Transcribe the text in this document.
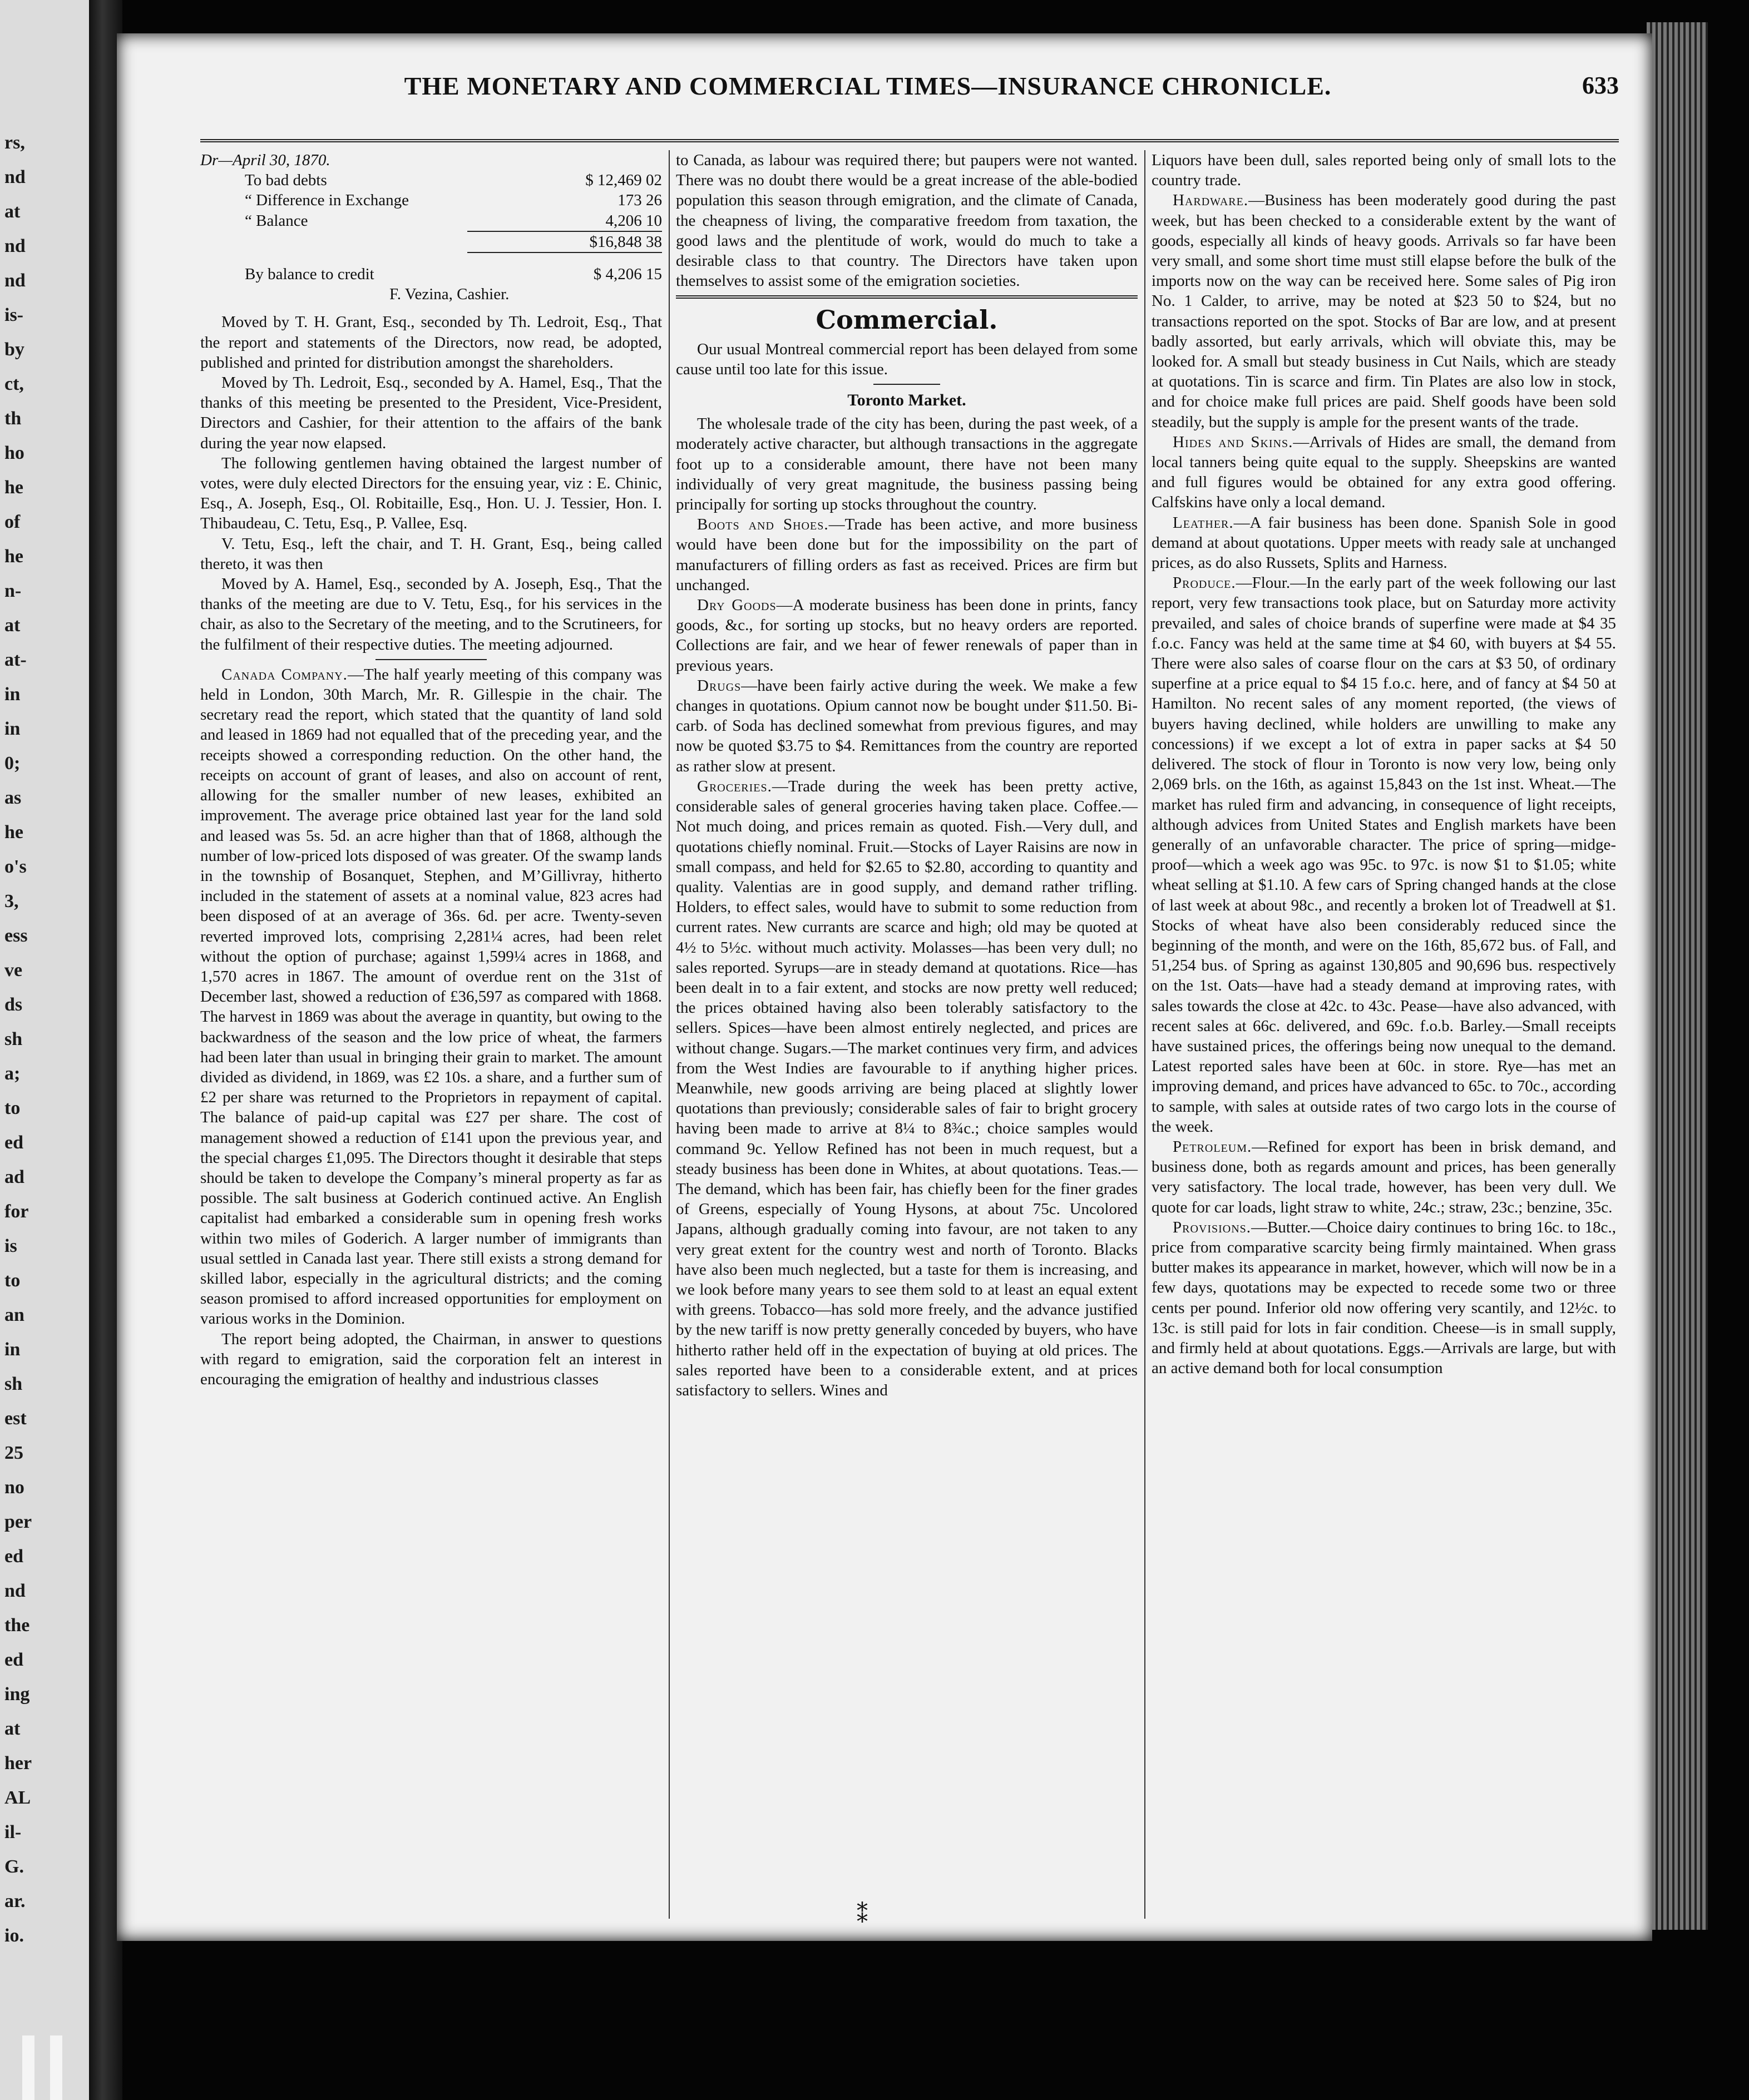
rs,
nd
at
nd
nd
is-
by
ct,
th
ho
he
of
he
n-
at
at-
in
in
0;
as
he
o's
3,
ess
ve
ds
sh
a;
to
ed
ad
for
is
to
an
in
sh
est
25
no
per
ed
nd
the
ed
ing
at
her
AL
il-
G.
ar.
io.
THE MONETARY AND COMMERCIAL TIMES—INSURANCE CHRONICLE.	633

Dr—April 30, 1870.

To bad debts	$ 12,469 02
“ Difference in Exchange	173 26
“ Balance	4,206 10
$16,848 38
By balance to credit	$ 4,206 15

F. Vezina, Cashier.

Moved by T. H. Grant, Esq., seconded by Th. Ledroit, Esq., That the report and statements of the Directors, now read, be adopted, published and printed for distribution amongst the shareholders.

Moved by Th. Ledroit, Esq., seconded by A. Hamel, Esq., That the thanks of this meeting be presented to the President, Vice-President, Directors and Cashier, for their attention to the affairs of the bank during the year now elapsed.

The following gentlemen having obtained the largest number of votes, were duly elected Directors for the ensuing year, viz : E. Chinic, Esq., A. Joseph, Esq., Ol. Robitaille, Esq., Hon. U. J. Tessier, Hon. I. Thibaudeau, C. Tetu, Esq., P. Vallee, Esq.

V. Tetu, Esq., left the chair, and T. H. Grant, Esq., being called thereto, it was then

Moved by A. Hamel, Esq., seconded by A. Joseph, Esq., That the thanks of the meeting are due to V. Tetu, Esq., for his services in the chair, as also to the Secretary of the meeting, and to the Scrutineers, for the fulfilment of their respective duties. The meeting adjourned.

Canada Company.—The half yearly meeting of this company was held in London, 30th March, Mr. R. Gillespie in the chair. The secretary read the report, which stated that the quantity of land sold and leased in 1869 had not equalled that of the preceding year, and the receipts showed a corresponding reduction. On the other hand, the receipts on account of grant of leases, and also on account of rent, allowing for the smaller number of new leases, exhibited an improvement. The average price obtained last year for the land sold and leased was 5s. 5d. an acre higher than that of 1868, although the number of low-priced lots disposed of was greater. Of the swamp lands in the township of Bosanquet, Stephen, and M’Gillivray, hitherto included in the statement of assets at a nominal value, 823 acres had been disposed of at an average of 36s. 6d. per acre. Twenty-seven reverted improved lots, comprising 2,281¼ acres, had been relet without the option of purchase; against 1,599¼ acres in 1868, and 1,570 acres in 1867. The amount of overdue rent on the 31st of December last, showed a reduction of £36,597 as compared with 1868. The harvest in 1869 was about the average in quantity, but owing to the backwardness of the season and the low price of wheat, the farmers had been later than usual in bringing their grain to market. The amount divided as dividend, in 1869, was £2 10s. a share, and a further sum of £2 per share was returned to the Proprietors in repayment of capital. The balance of paid-up capital was £27 per share. The cost of management showed a reduction of £141 upon the previous year, and the special charges £1,095. The Directors thought it desirable that steps should be taken to develope the Company’s mineral property as far as possible. The salt business at Goderich continued active. An English capitalist had embarked a considerable sum in opening fresh works within two miles of Goderich. A larger number of immigrants than usual settled in Canada last year. There still exists a strong demand for skilled labor, especially in the agricultural districts; and the coming season promised to afford increased opportunities for employment on various works in the Dominion.

The report being adopted, the Chairman, in answer to questions with regard to emigration, said the corporation felt an interest in encouraging the emigration of healthy and industrious classes

to Canada, as labour was required there; but paupers were not wanted. There was no doubt there would be a great increase of the able-bodied population this season through emigration, and the climate of Canada, the cheapness of living, the comparative freedom from taxation, the good laws and the plentitude of work, would do much to take a desirable class to that country. The Directors have taken upon themselves to assist some of the emigration societies.

Commercial.

Our usual Montreal commercial report has been delayed from some cause until too late for this issue.

Toronto Market.

The wholesale trade of the city has been, during the past week, of a moderately active character, but although transactions in the aggregate foot up to a considerable amount, there have not been many individually of very great magnitude, the business passing being principally for sorting up stocks throughout the country.

Boots and Shoes.—Trade has been active, and more business would have been done but for the impossibility on the part of manufacturers of filling orders as fast as received. Prices are firm but unchanged.

Dry Goods—A moderate business has been done in prints, fancy goods, &c., for sorting up stocks, but no heavy orders are reported. Collections are fair, and we hear of fewer renewals of paper than in previous years.

Drugs—have been fairly active during the week. We make a few changes in quotations. Opium cannot now be bought under $11.50. Bi-carb. of Soda has declined somewhat from previous figures, and may now be quoted $3.75 to $4. Remittances from the country are reported as rather slow at present.

Groceries.—Trade during the week has been pretty active, considerable sales of general groceries having taken place. Coffee.—Not much doing, and prices remain as quoted. Fish.—Very dull, and quotations chiefly nominal. Fruit.—Stocks of Layer Raisins are now in small compass, and held for $2.65 to $2.80, according to quantity and quality. Valentias are in good supply, and demand rather trifling. Holders, to effect sales, would have to submit to some reduction from current rates. New currants are scarce and high; old may be quoted at 4½ to 5½c. without much activity. Molasses—has been very dull; no sales reported. Syrups—are in steady demand at quotations. Rice—has been dealt in to a fair extent, and stocks are now pretty well reduced; the prices obtained having also been tolerably satisfactory to the sellers. Spices—have been almost entirely neglected, and prices are without change. Sugars.—The market continues very firm, and advices from the West Indies are favourable to if anything higher prices. Meanwhile, new goods arriving are being placed at slightly lower quotations than previously; considerable sales of fair to bright grocery having been made to arrive at 8¼ to 8¾c.; choice samples would command 9c. Yellow Refined has not been in much request, but a steady business has been done in Whites, at about quotations. Teas.—The demand, which has been fair, has chiefly been for the finer grades of Greens, especially of Young Hysons, at about 75c. Uncolored Japans, although gradually coming into favour, are not taken to any very great extent for the country west and north of Toronto. Blacks have also been much neglected, but a taste for them is increasing, and we look before many years to see them sold to at least an equal extent with greens. Tobacco—has sold more freely, and the advance justified by the new tariff is now pretty generally conceded by buyers, who have hitherto rather held off in the expectation of buying at old prices. The sales reported have been to a considerable extent, and at prices satisfactory to sellers. Wines and

Liquors have been dull, sales reported being only of small lots to the country trade.

Hardware.—Business has been moderately good during the past week, but has been checked to a considerable extent by the want of goods, especially all kinds of heavy goods. Arrivals so far have been very small, and some short time must still elapse before the bulk of the imports now on the way can be received here. Some sales of Pig iron No. 1 Calder, to arrive, may be noted at $23 50 to $24, but no transactions reported on the spot. Stocks of Bar are low, and at present badly assorted, but early arrivals, which will obviate this, may be looked for. A small but steady business in Cut Nails, which are steady at quotations. Tin is scarce and firm. Tin Plates are also low in stock, and for choice make full prices are paid. Shelf goods have been sold steadily, but the supply is ample for the present wants of the trade.

Hides and Skins.—Arrivals of Hides are small, the demand from local tanners being quite equal to the supply. Sheepskins are wanted and full figures would be obtained for any extra good offering. Calfskins have only a local demand.

Leather.—A fair business has been done. Spanish Sole in good demand at about quotations. Upper meets with ready sale at unchanged prices, as do also Russets, Splits and Harness.

Produce.—Flour.—In the early part of the week following our last report, very few transactions took place, but on Saturday more activity prevailed, and sales of choice brands of superfine were made at $4 35 f.o.c. Fancy was held at the same time at $4 60, with buyers at $4 55. There were also sales of coarse flour on the cars at $3 50, of ordinary superfine at a price equal to $4 15 f.o.c. here, and of fancy at $4 50 at Hamilton. No recent sales of any moment reported, (the views of buyers having declined, while holders are unwilling to make any concessions) if we except a lot of extra in paper sacks at $4 50 delivered. The stock of flour in Toronto is now very low, being only 2,069 brls. on the 16th, as against 15,843 on the 1st inst. Wheat.—The market has ruled firm and advancing, in consequence of light receipts, although advices from United States and English markets have been generally of an unfavorable character. The price of spring—midge-proof—which a week ago was 95c. to 97c. is now $1 to $1.05; white wheat selling at $1.10. A few cars of Spring changed hands at the close of last week at about 98c., and recently a broken lot of Treadwell at $1. Stocks of wheat have also been considerably reduced since the beginning of the month, and were on the 16th, 85,672 bus. of Fall, and 51,254 bus. of Spring as against 130,805 and 90,696 bus. respectively on the 1st. Oats—have had a steady demand at improving rates, with sales towards the close at 42c. to 43c. Pease—have also advanced, with recent sales at 66c. delivered, and 69c. f.o.b. Barley.—Small receipts have sustained prices, the offerings being now unequal to the demand. Latest reported sales have been at 60c. in store. Rye—has met an improving demand, and prices have advanced to 65c. to 70c., according to sample, with sales at outside rates of two cargo lots in the course of the week.

Petroleum.—Refined for export has been in brisk demand, and business done, both as regards amount and prices, has been generally very satisfactory. The local trade, however, has been very dull. We quote for car loads, light straw to white, 24c.; straw, 23c.; benzine, 35c.

Provisions.—Butter.—Choice dairy continues to bring 16c. to 18c., price from comparative scarcity being firmly maintained. When grass butter makes its appearance in market, however, which will now be in a few days, quotations may be expected to recede some two or three cents per pound. Inferior old now offering very scantily, and 12½c. to 13c. is still paid for lots in fair condition. Cheese—is in small supply, and firmly held at about quotations. Eggs.—Arrivals are large, but with an active demand both for local consumption

⁑
